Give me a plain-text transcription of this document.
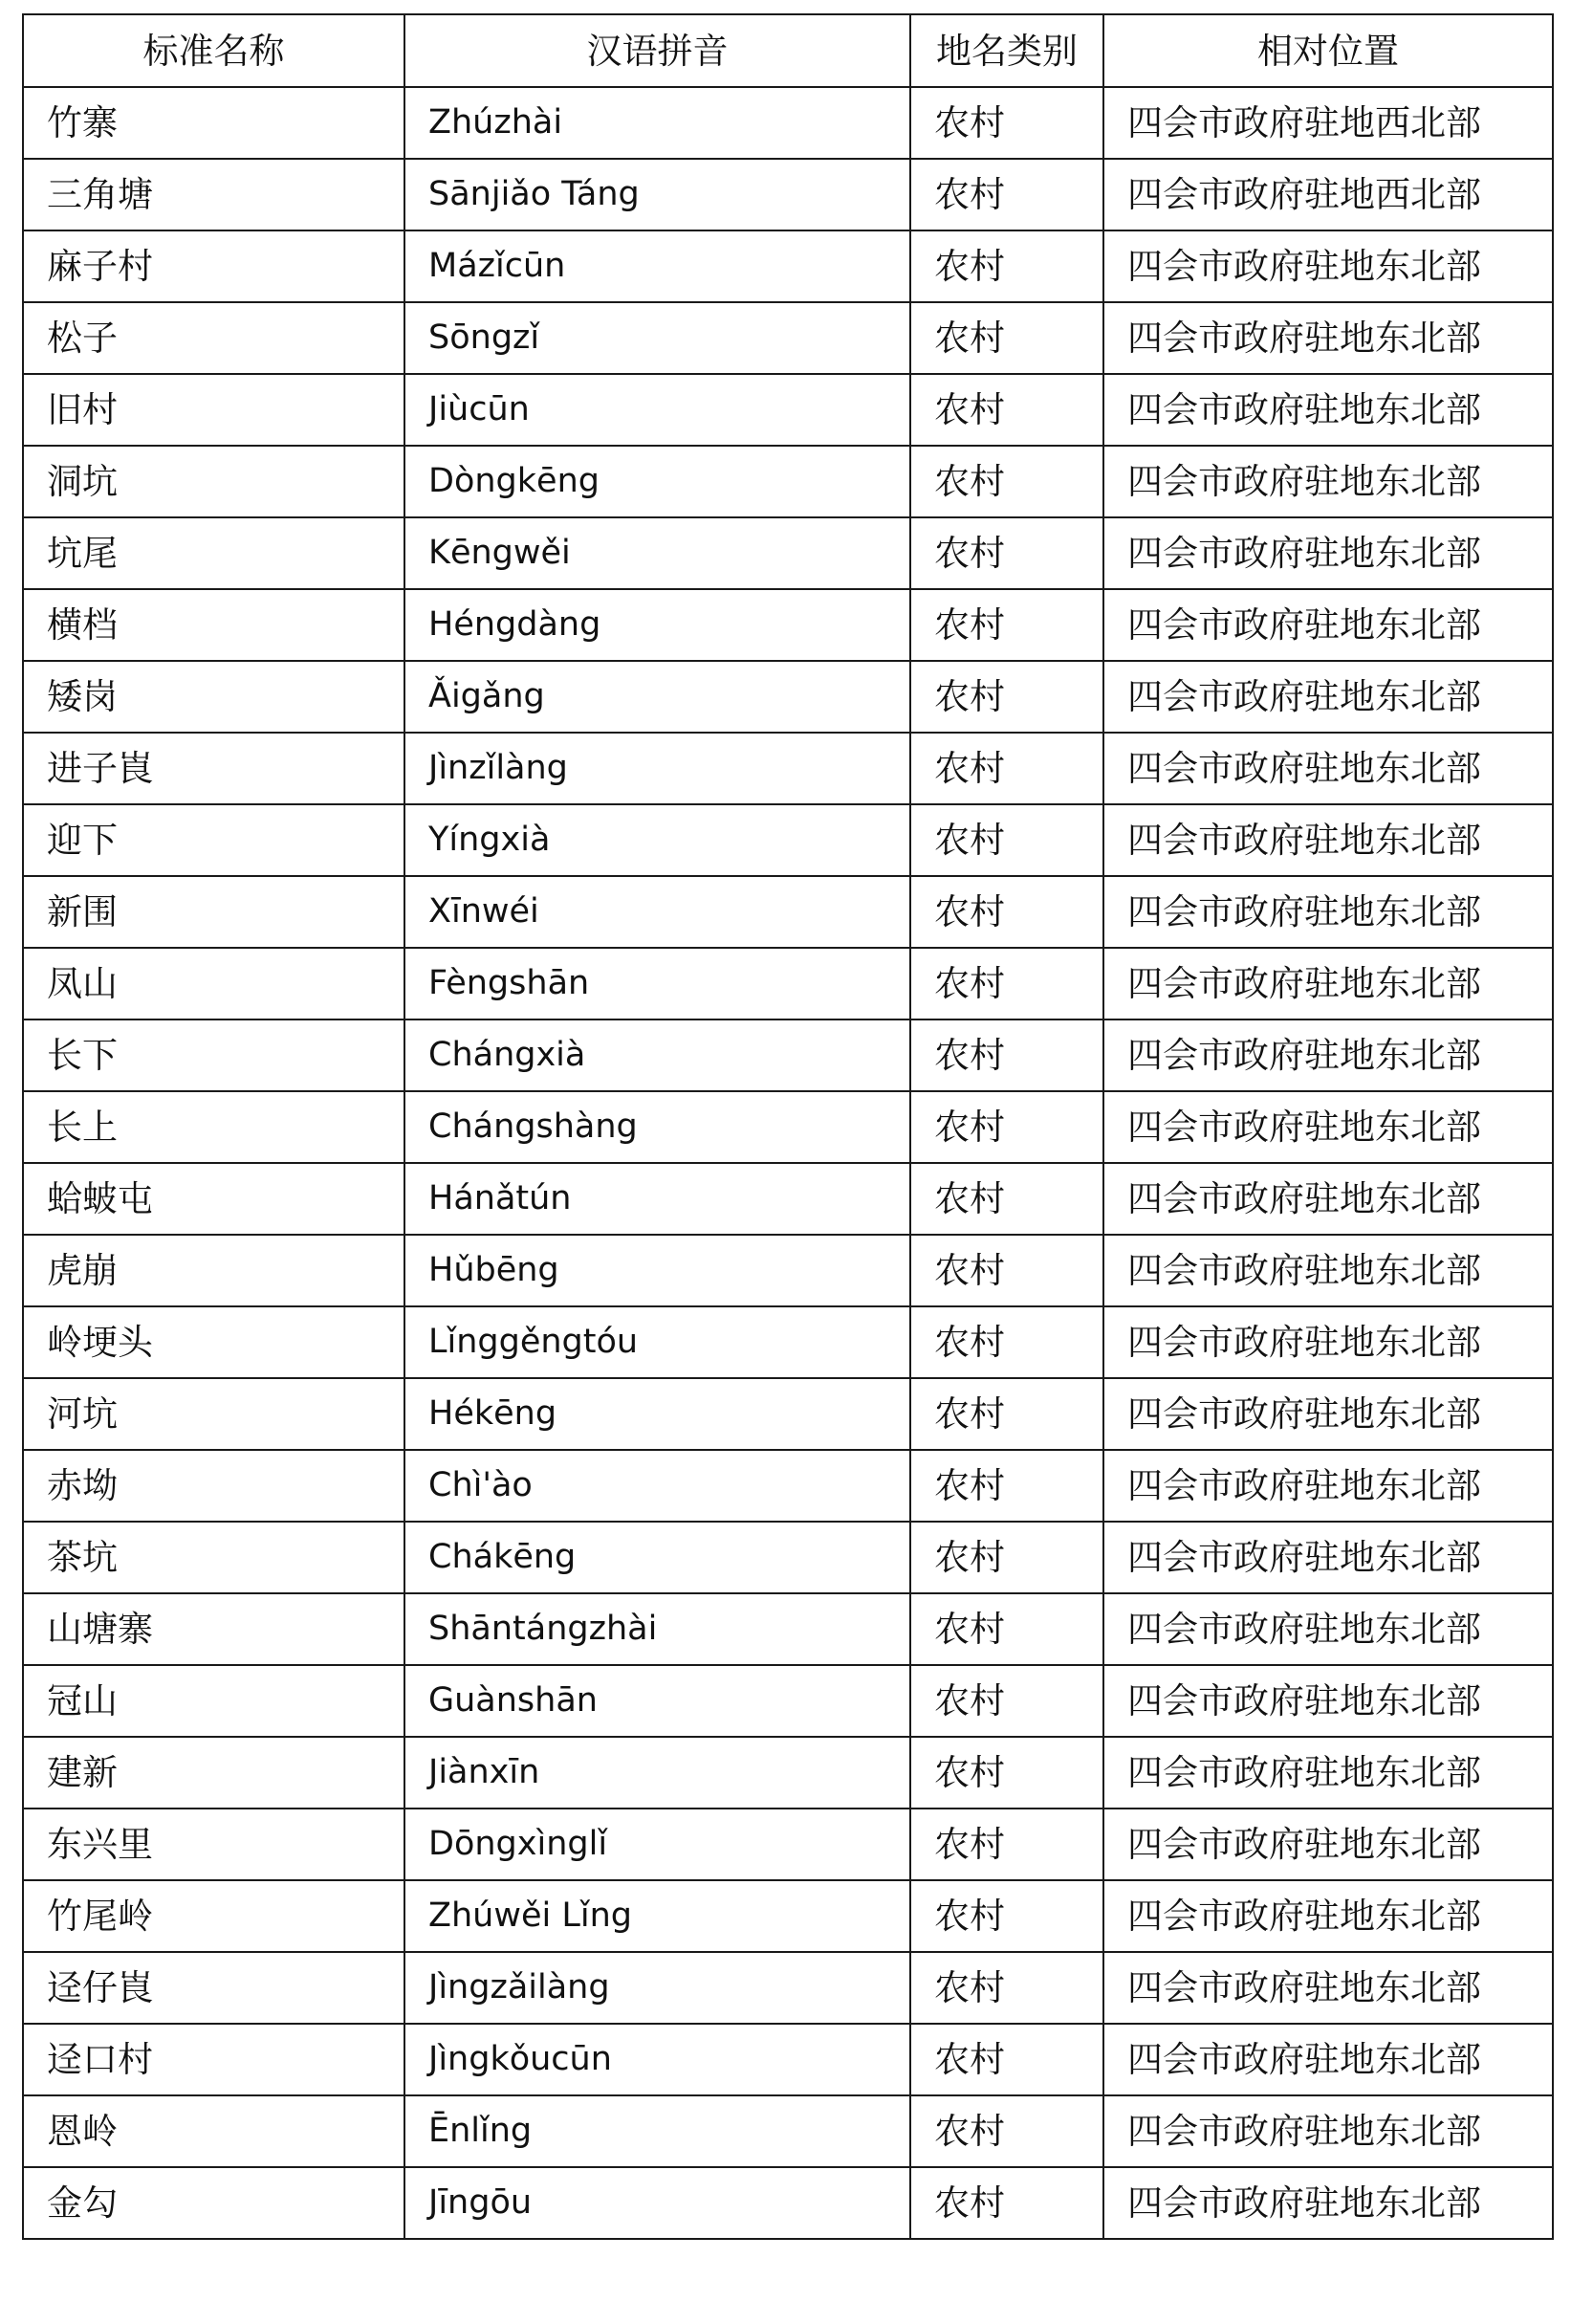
标准名称	汉语拼音	地名类别	相对位置
竹寨	Zhúzhài	农村	四会市政府驻地西北部
三角塘	Sānjiǎo Táng	农村	四会市政府驻地西北部
麻子村	Mázǐcūn	农村	四会市政府驻地东北部
松子	Sōngzǐ	农村	四会市政府驻地东北部
旧村	Jiùcūn	农村	四会市政府驻地东北部
洞坑	Dòngkēng	农村	四会市政府驻地东北部
坑尾	Kēngwěi	农村	四会市政府驻地东北部
横档	Héngdàng	农村	四会市政府驻地东北部
矮岗	Ǎigǎng	农村	四会市政府驻地东北部
进子崀	Jìnzǐlàng	农村	四会市政府驻地东北部
迎下	Yíngxià	农村	四会市政府驻地东北部
新围	Xīnwéi	农村	四会市政府驻地东北部
凤山	Fèngshān	农村	四会市政府驻地东北部
长下	Chángxià	农村	四会市政府驻地东北部
长上	Chángshàng	农村	四会市政府驻地东北部
蛤蚾屯	Hánǎtún	农村	四会市政府驻地东北部
虎崩	Hǔbēng	农村	四会市政府驻地东北部
岭埂头	Lǐnggěngtóu	农村	四会市政府驻地东北部
河坑	Hékēng	农村	四会市政府驻地东北部
赤坳	Chì'ào	农村	四会市政府驻地东北部
茶坑	Chákēng	农村	四会市政府驻地东北部
山塘寨	Shāntángzhài	农村	四会市政府驻地东北部
冠山	Guànshān	农村	四会市政府驻地东北部
建新	Jiànxīn	农村	四会市政府驻地东北部
东兴里	Dōngxìnglǐ	农村	四会市政府驻地东北部
竹尾岭	Zhúwěi Lǐng	农村	四会市政府驻地东北部
迳仔崀	Jìngzǎilàng	农村	四会市政府驻地东北部
迳口村	Jìngkǒucūn	农村	四会市政府驻地东北部
恩岭	Ēnlǐng	农村	四会市政府驻地东北部
金勾	Jīngōu	农村	四会市政府驻地东北部
